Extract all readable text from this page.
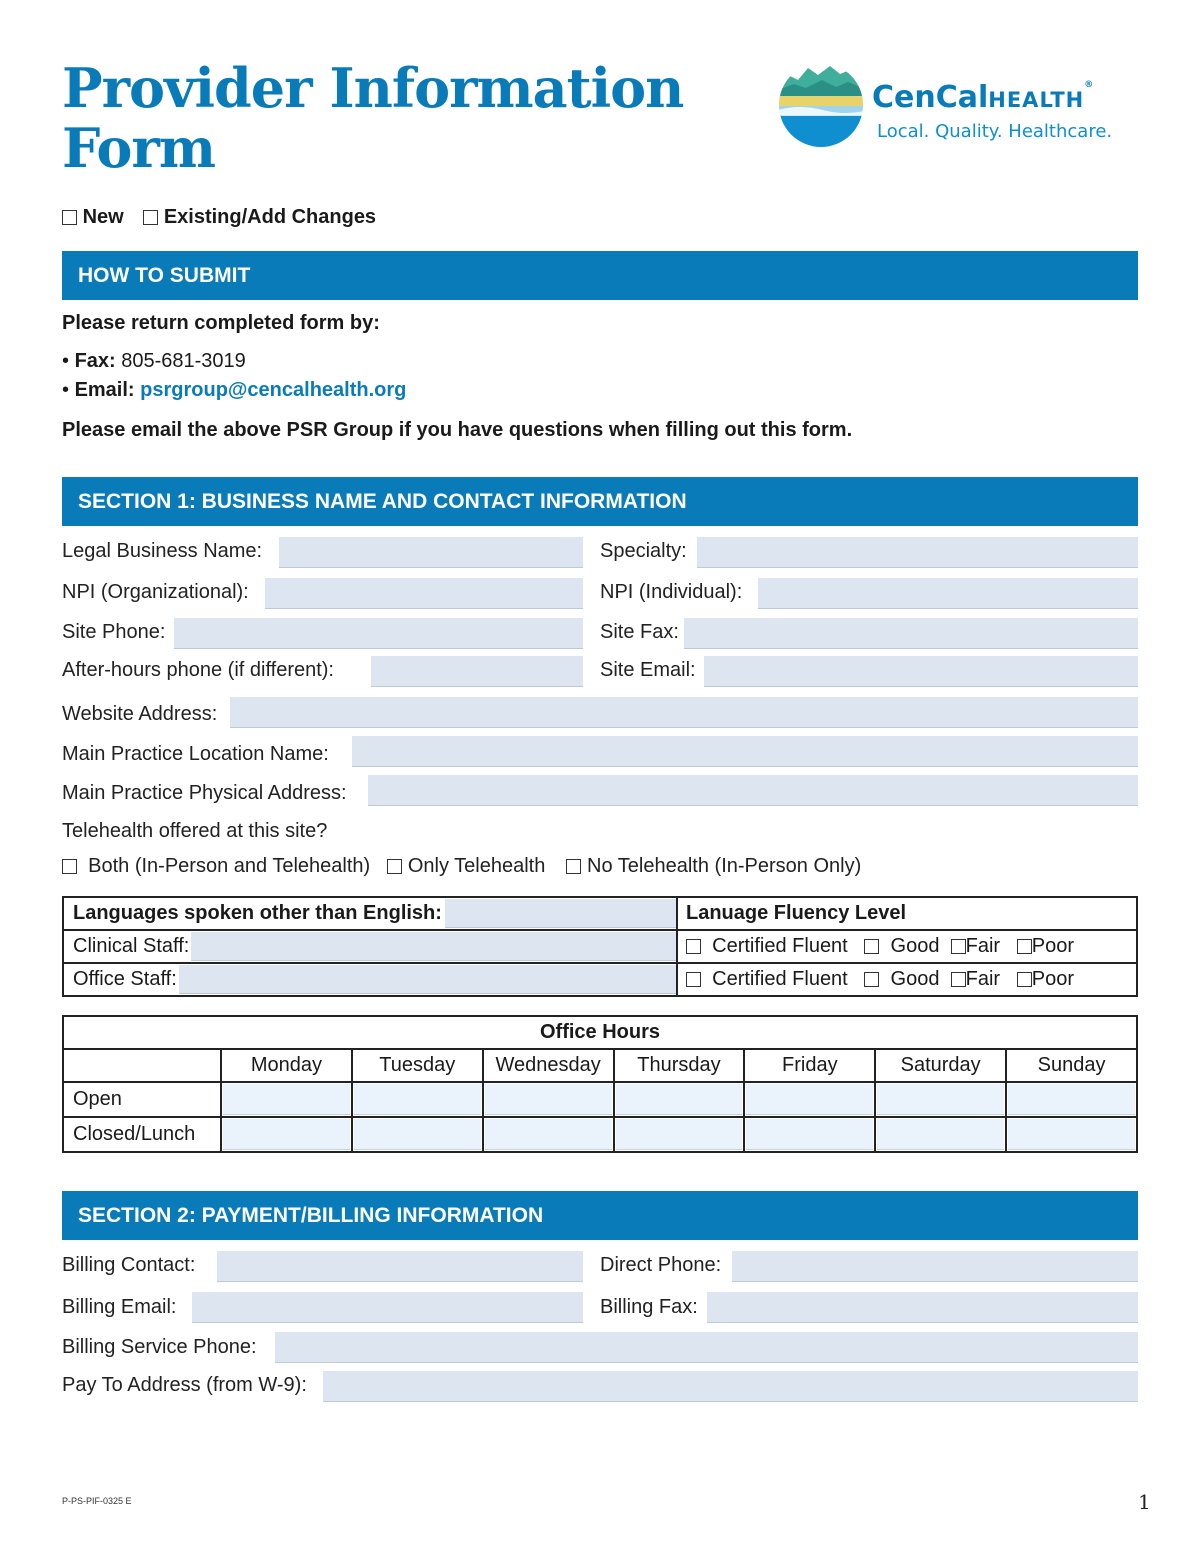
Provider Information
Form
CenCalHEALTH®
Local. Quality. Healthcare.
New Existing/Add Changes
HOW TO SUBMIT
Please return completed form by:
• Fax: 805-681-3019
• Email: psrgroup@cencalhealth.org
Please email the above PSR Group if you have questions when filling out this form.
SECTION 1: BUSINESS NAME AND CONTACT INFORMATION
Legal Business Name:	Specialty:
NPI (Organizational):	NPI (Individual):
Site Phone:	Site Fax:
After-hours phone (if different):	Site Email:
Website Address:
Main Practice Location Name:
Main Practice Physical Address:
Telehealth offered at this site?
Both (In-Person and Telehealth) Only Telehealth No Telehealth (In-Person Only)
Languages spoken other than English:	Lanuage Fluency Level

Clinical Staff:	Certified Fluent Good Fair Poor

Office Staff:	Certified Fluent Good Fair Poor
Office Hours							
	Monday	Tuesday	Wednesday	Thursday	Friday	Saturday	Sunday
Open	

Closed/Lunch	

SECTION 2: PAYMENT/BILLING INFORMATION
Billing Contact:	Direct Phone:
Billing Email:	Billing Fax:
Billing Service Phone:
Pay To Address (from W-9):
P-PS-PIF-0325 E	1
